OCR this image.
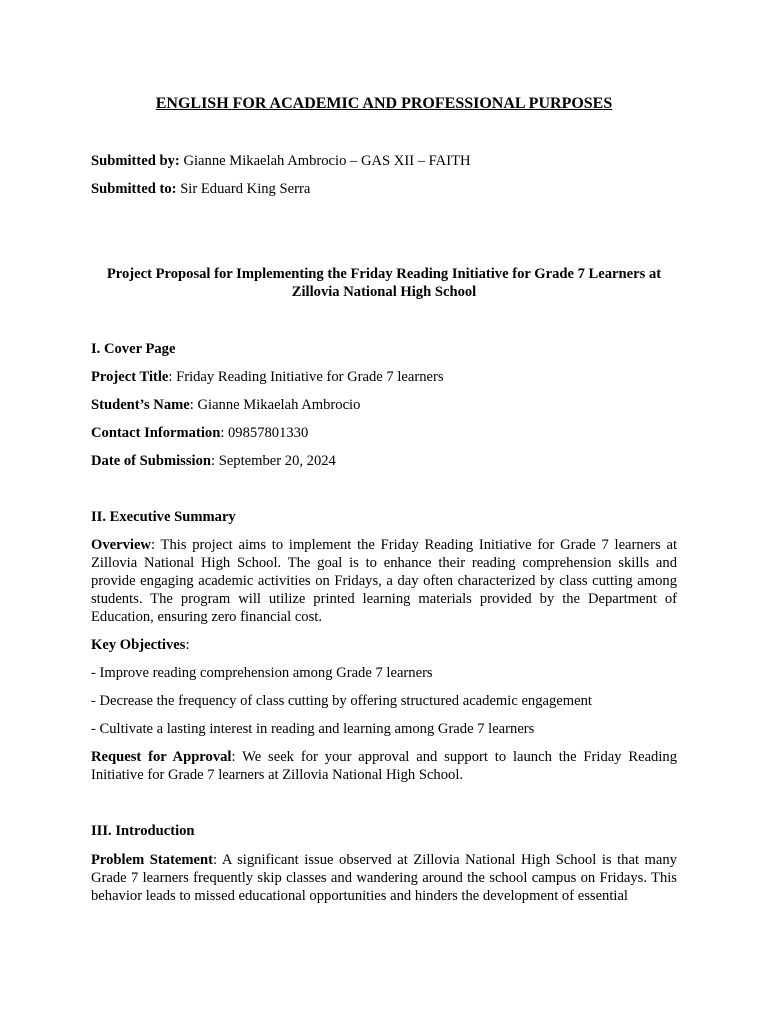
ENGLISH FOR ACADEMIC AND PROFESSIONAL PURPOSES
Submitted by: Gianne Mikaelah Ambrocio – GAS XII – FAITH
Submitted to: Sir Eduard King Serra
Project Proposal for Implementing the Friday Reading Initiative for Grade 7 Learners at Zillovia National High School
I. Cover Page
Project Title: Friday Reading Initiative for Grade 7 learners
Student’s Name: Gianne Mikaelah Ambrocio
Contact Information: 09857801330
Date of Submission: September 20, 2024
II. Executive Summary
Overview: This project aims to implement the Friday Reading Initiative for Grade 7 learners at Zillovia National High School. The goal is to enhance their reading comprehension skills and provide engaging academic activities on Fridays, a day often characterized by class cutting among students. The program will utilize printed learning materials provided by the Department of Education, ensuring zero financial cost.
Key Objectives:
- Improve reading comprehension among Grade 7 learners
- Decrease the frequency of class cutting by offering structured academic engagement
- Cultivate a lasting interest in reading and learning among Grade 7 learners
Request for Approval: We seek for your approval and support to launch the Friday Reading Initiative for Grade 7 learners at Zillovia National High School.
III. Introduction
Problem Statement: A significant issue observed at Zillovia National High School is that many Grade 7 learners frequently skip classes and wandering around the school campus on Fridays. This behavior leads to missed educational opportunities and hinders the development of essential
